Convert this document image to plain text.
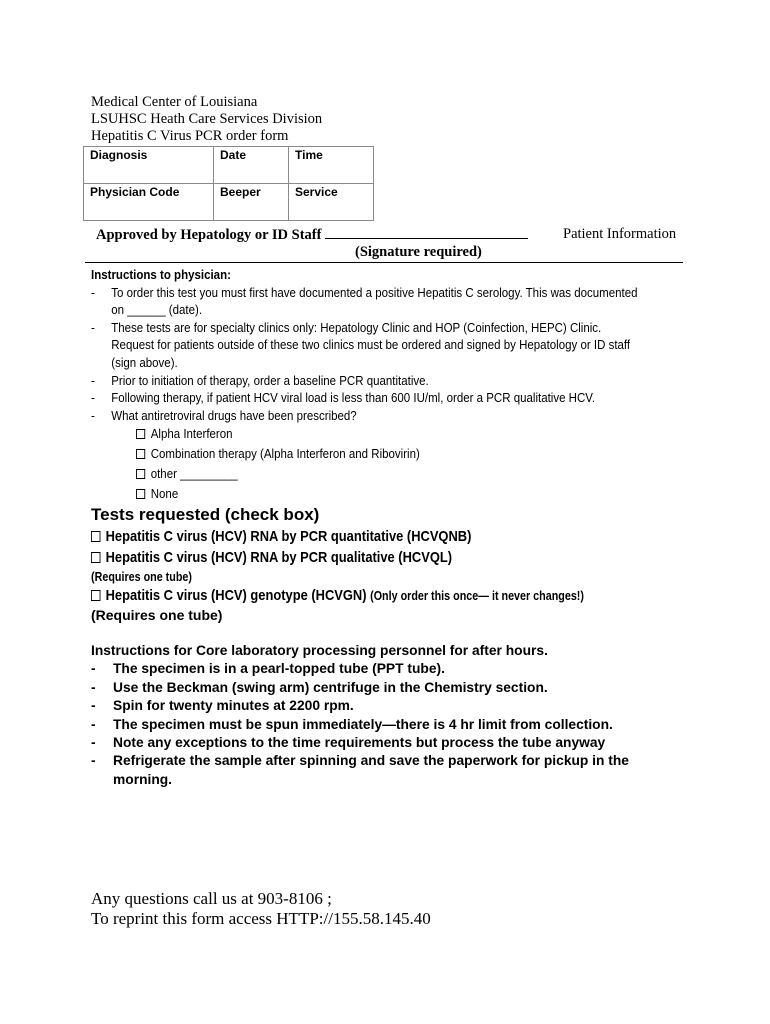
Medical Center of Louisiana
LSUHSC Heath Care Services Division
Hepatitis C Virus PCR order form
Diagnosis	Date	Time
Physician Code	Beeper	Service
Approved by Hepatology or ID Staff	Patient Information
(Signature required)
Instructions to physician:
- To order this test you must first have documented a positive Hepatitis C serology. This was documented on ______ (date).
- These tests are for specialty clinics only: Hepatology Clinic and HOP (Coinfection, HEPC) Clinic. Request for patients outside of these two clinics must be ordered and signed by Hepatology or ID staff (sign above).
- Prior to initiation of therapy, order a baseline PCR quantitative.
- Following therapy, if patient HCV viral load is less than 600 IU/ml, order a PCR qualitative HCV.
- What antiretroviral drugs have been prescribed?
Alpha Interferon
Combination therapy (Alpha Interferon and Ribovirin)
other _________
None
Tests requested (check box)
Hepatitis C virus (HCV) RNA by PCR quantitative (HCVQNB)
Hepatitis C virus (HCV) RNA by PCR qualitative (HCVQL)
(Requires one tube)
Hepatitis C virus (HCV) genotype (HCVGN) (Only order this once— it never changes!)
(Requires one tube)
Instructions for Core laboratory processing personnel for after hours.
- The specimen is in a pearl-topped tube (PPT tube).
- Use the Beckman (swing arm) centrifuge in the Chemistry section.
- Spin for twenty minutes at 2200 rpm.
- The specimen must be spun immediately—there is 4 hr limit from collection.
- Note any exceptions to the time requirements but process the tube anyway
- Refrigerate the sample after spinning and save the paperwork for pickup in the morning.
Any questions call us at 903-8106 ;
To reprint this form access HTTP://155.58.145.40
